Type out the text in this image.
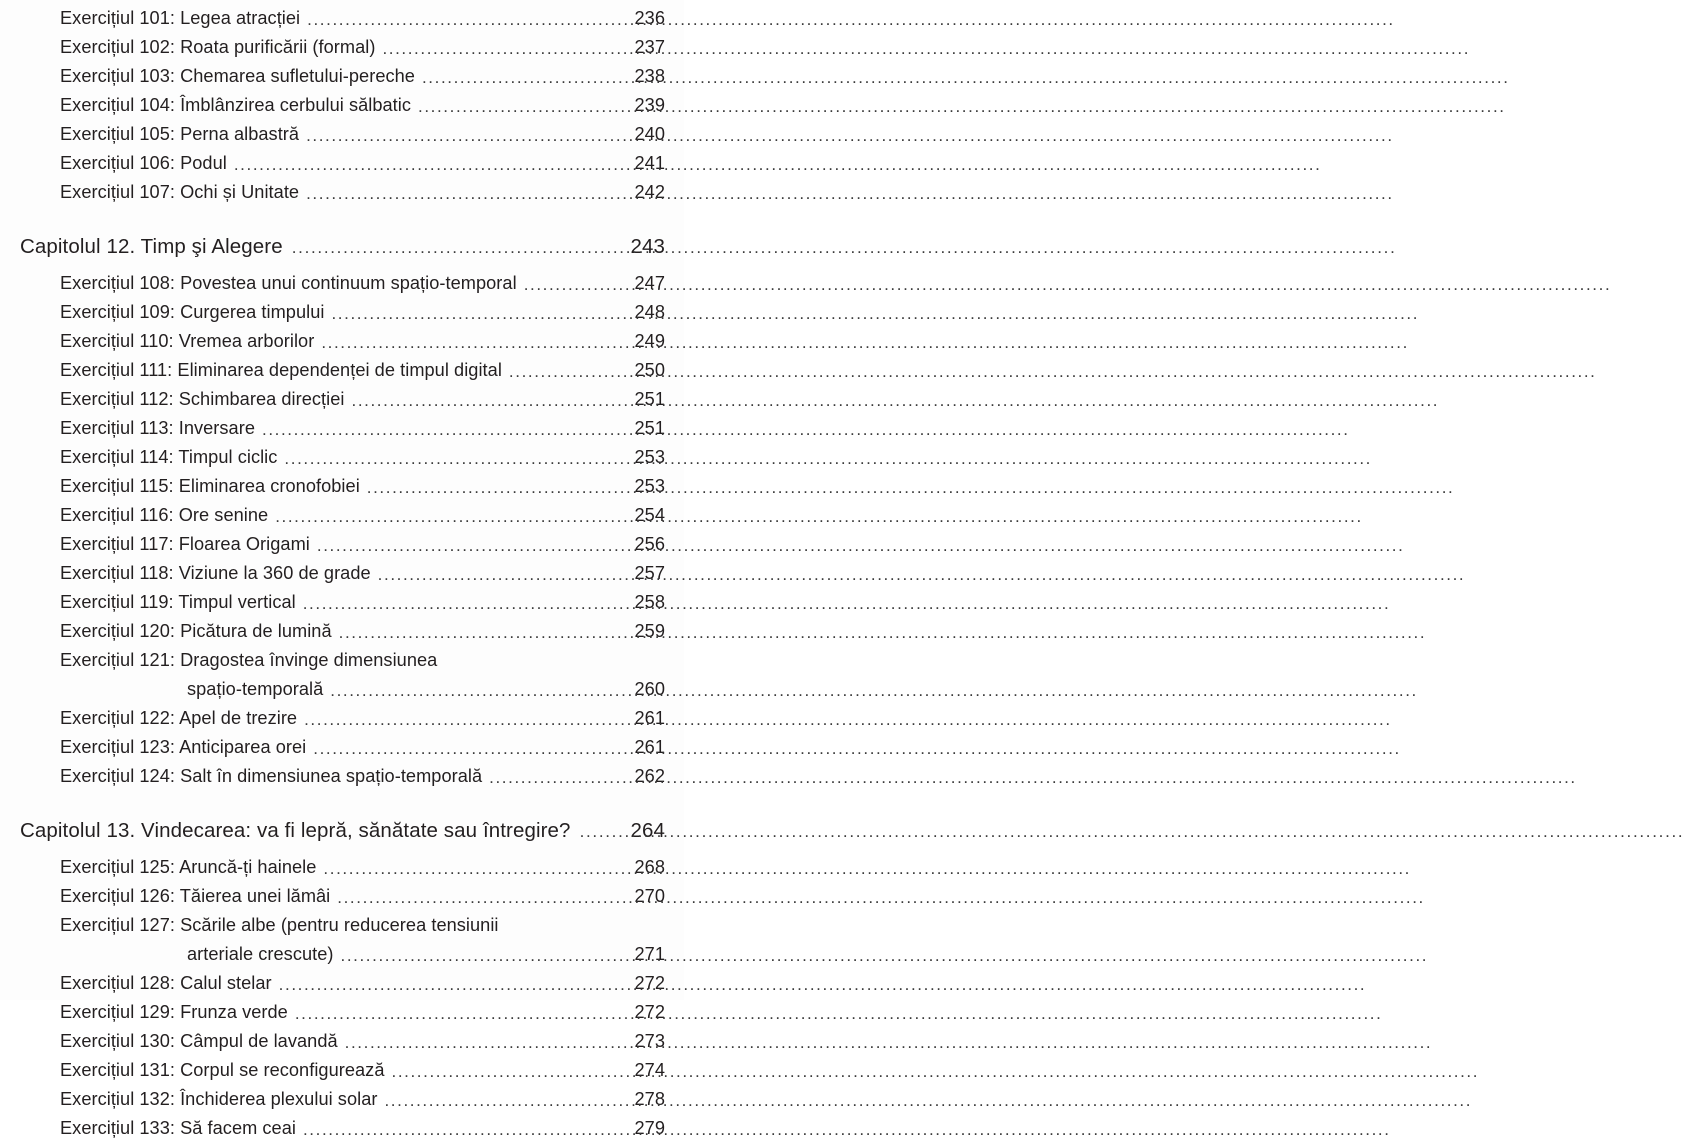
Exercițiul 101: Legea atracției .....	236
Exercițiul 102: Roata purificării (formal) .....	237
Exercițiul 103: Chemarea sufletului-pereche .....	238
Exercițiul 104: Îmblânzirea cerbului sălbatic .....	239
Exercițiul 105: Perna albastră .....	240
Exercițiul 106: Podul .....	241
Exercițiul 107: Ochi și Unitate .....	242
Capitolul 12. Timp şi Alegere .....	243
Exercițiul 108: Povestea unui continuum spațio-temporal .....	247
Exercițiul 109: Curgerea timpului .....	248
Exercițiul 110: Vremea arborilor .....	249
Exercițiul 111: Eliminarea dependenței de timpul digital .....	250
Exercițiul 112: Schimbarea direcției .....	251
Exercițiul 113: Inversare .....	251
Exercițiul 114: Timpul ciclic .....	253
Exercițiul 115: Eliminarea cronofobiei .....	253
Exercițiul 116: Ore senine .....	254
Exercițiul 117: Floarea Origami .....	256
Exercițiul 118: Viziune la 360 de grade .....	257
Exercițiul 119: Timpul vertical .....	258
Exercițiul 120: Picătura de lumină .....	259
Exercițiul 121: Dragostea învinge dimensiunea
spațio-temporală .....	260
Exercițiul 122: Apel de trezire .....	261
Exercițiul 123: Anticiparea orei .....	261
Exercițiul 124: Salt în dimensiunea spațio-temporală .....	262
Capitolul 13. Vindecarea: va fi lepră, sănătate sau întregire? .....	264
Exercițiul 125: Aruncă-ți hainele .....	268
Exercițiul 126: Tăierea unei lămâi .....	270
Exercițiul 127: Scările albe (pentru reducerea tensiunii
arteriale crescute) .....	271
Exercițiul 128: Calul stelar .....	272
Exercițiul 129: Frunza verde .....	272
Exercițiul 130: Câmpul de lavandă .....	273
Exercițiul 131: Corpul se reconfigurează .....	274
Exercițiul 132: Închiderea plexului solar .....	278
Exercițiul 133: Să facem ceai .....	279
